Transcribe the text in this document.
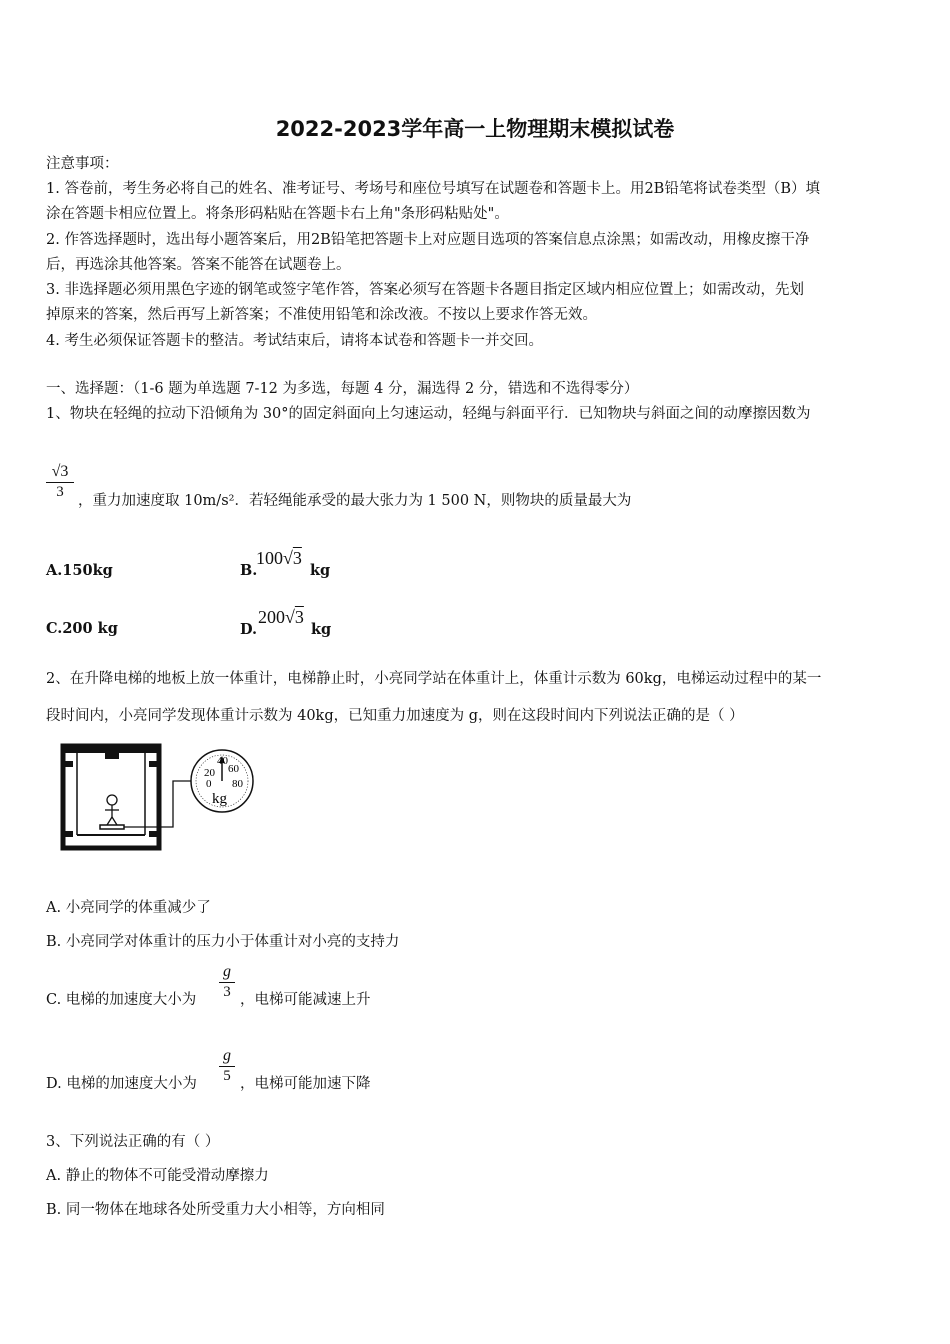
2022-2023学年高一上物理期末模拟试卷
注意事项：
1. 答卷前，考生务必将自己的姓名、准考证号、考场号和座位号填写在试题卷和答题卡上。用2B铅笔将试卷类型（B）填
涂在答题卡相应位置上。将条形码粘贴在答题卡右上角"条形码粘贴处"。
2. 作答选择题时，选出每小题答案后，用2B铅笔把答题卡上对应题目选项的答案信息点涂黑；如需改动，用橡皮擦干净
后，再选涂其他答案。答案不能答在试题卷上。
3. 非选择题必须用黑色字迹的钢笔或签字笔作答，答案必须写在答题卡各题目指定区域内相应位置上；如需改动，先划
掉原来的答案，然后再写上新答案；不准使用铅笔和涂改液。不按以上要求作答无效。
4. 考生必须保证答题卡的整洁。考试结束后，请将本试卷和答题卡一并交回。
一、选择题：（1-6 题为单选题 7-12 为多选，每题 4 分，漏选得 2 分，错选和不选得零分）
1、物块在轻绳的拉动下沿倾角为 30°的固定斜面向上匀速运动，轻绳与斜面平行．已知物块与斜面之间的动摩擦因数为
√3
3
，重力加速度取 10m/s²．若轻绳能承受的最大张力为 1 500 N，则物块的质量最大为
A.150kg	B.
100√3
kg
C.200 kg	D.
200√3
kg
2、在升降电梯的地板上放一体重计，电梯静止时，小亮同学站在体重计上，体重计示数为 60kg，电梯运动过程中的某一
段时间内，小亮同学发现体重计示数为 40kg，已知重力加速度为 g，则在这段时间内下列说法正确的是（ ）
20
40
60
0 80
kg
A. 小亮同学的体重减少了
B. 小亮同学对体重计的压力小于体重计对小亮的支持力
C. 电梯的加速度大小为
g
3 ，电梯可能减速上升
D. 电梯的加速度大小为
g
5 ，电梯可能加速下降
3、下列说法正确的有（ ）
A. 静止的物体不可能受滑动摩擦力
B. 同一物体在地球各处所受重力大小相等，方向相同
